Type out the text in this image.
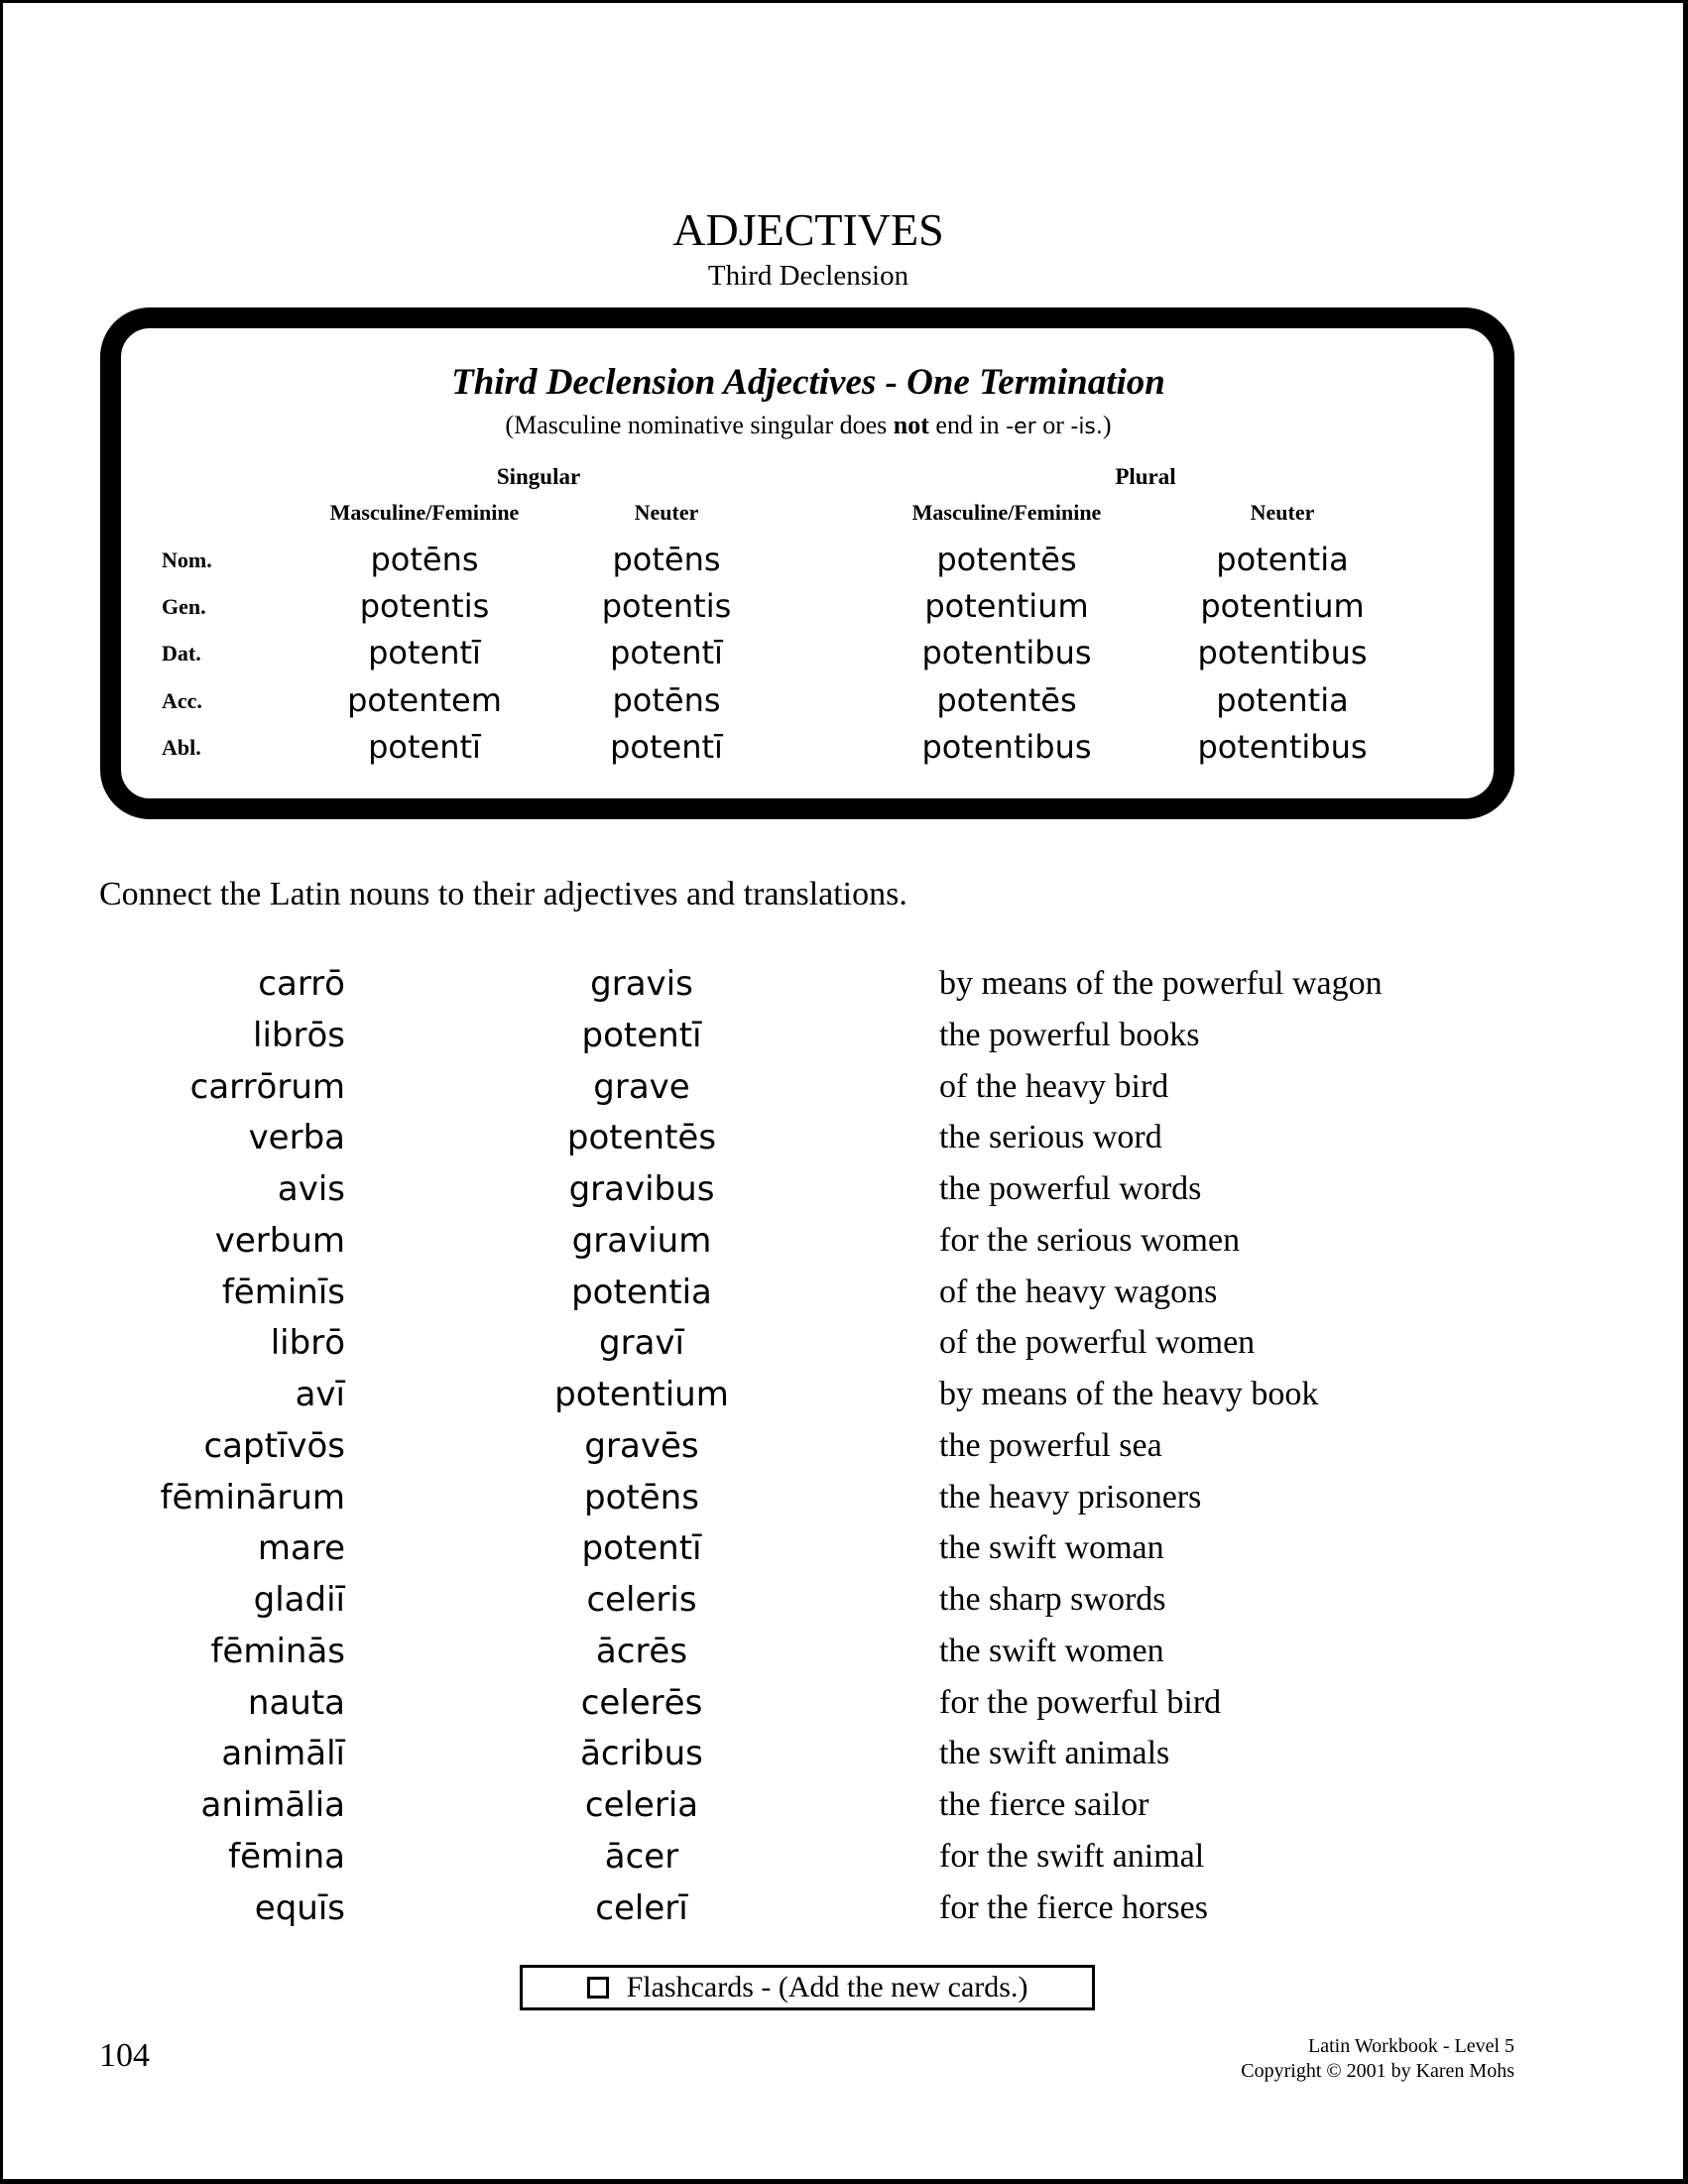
ADJECTIVES
Third Declension
Third Declension Adjectives - One Termination
(Masculine nominative singular does not end in -er or -is.)
Singular	Plural
Masculine/Feminine	Neuter	Masculine/Feminine	Neuter
Nom.	potēns	potēns	potentēs	potentia
Gen.	potentis	potentis	potentium	potentium
Dat.	potentī	potentī	potentibus	potentibus
Acc.	potentem	potēns	potentēs	potentia
Abl.	potentī	potentī	potentibus	potentibus
Connect the Latin nouns to their adjectives and translations.
carrō	gravis	by means of the powerful wagon
librōs	potentī	the powerful books
carrōrum	grave	of the heavy bird
verba	potentēs	the serious word
avis	gravibus	the powerful words
verbum	gravium	for the serious women
fēminīs	potentia	of the heavy wagons
librō	gravī	of the powerful women
avī	potentium	by means of the heavy book
captīvōs	gravēs	the powerful sea
fēminārum	potēns	the heavy prisoners
mare	potentī	the swift woman
gladiī	celeris	the sharp swords
fēminās	ācrēs	the swift women
nauta	celerēs	for the powerful bird
animālī	ācribus	the swift animals
animālia	celeria	the fierce sailor
fēmina	ācer	for the swift animal
equīs	celerī	for the fierce horses
Flashcards - (Add the new cards.)
104	Latin Workbook - Level 5
Copyright © 2001 by Karen Mohs
